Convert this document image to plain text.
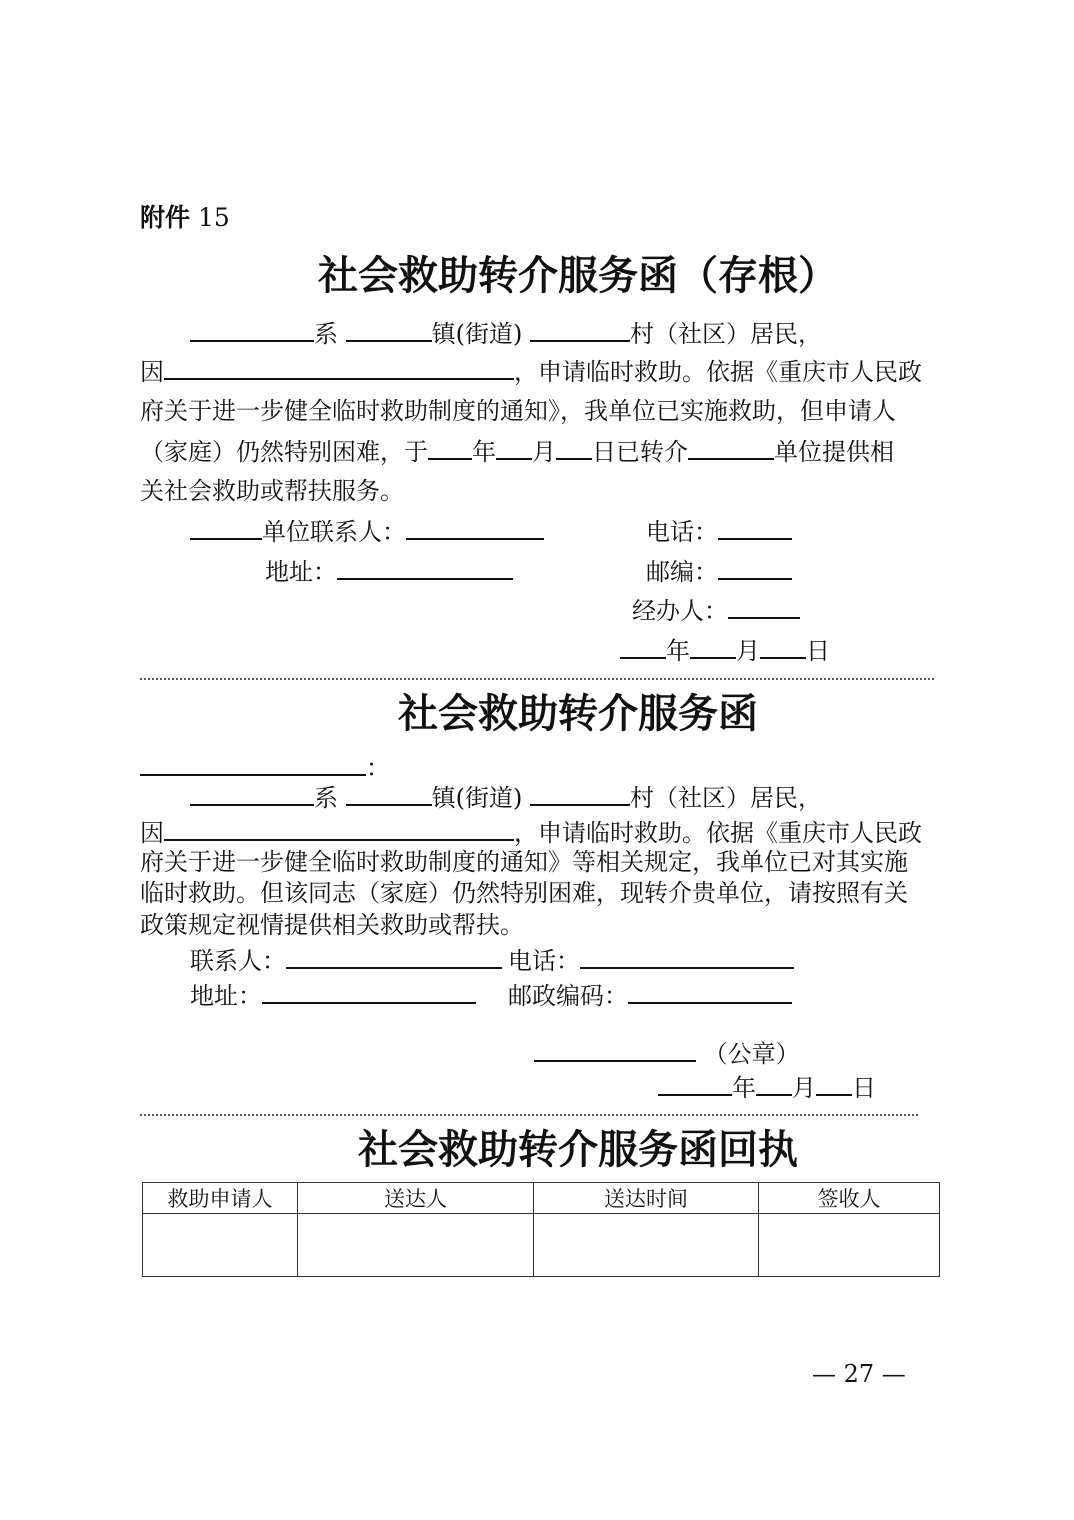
附件 15
社会救助转介服务函（存根）
系	镇(街道)	村（社区）居民，
因	，申请临时救助。依据《重庆市人民政
府关于进一步健全临时救助制度的通知》，我单位已实施救助，但申请人
（家庭）仍然特别困难，于 年 月 日已转介	单位提供相
关社会救助或帮扶服务。
单位联系人：	电话：
地址：	邮编：
经办人：
年 月 日
社会救助转介服务函
：
系	镇(街道)	村（社区）居民，
因	，申请临时救助。依据《重庆市人民政
府关于进一步健全临时救助制度的通知》等相关规定，我单位已对其实施
临时救助。但该同志（家庭）仍然特别困难，现转介贵单位，请按照有关
政策规定视情提供相关救助或帮扶。
联系人：	电话：
地址：	邮政编码：
（公章）
年 月 日
社会救助转介服务函回执
救助申请人	送达人	送达时间	签收人

— 27 —
